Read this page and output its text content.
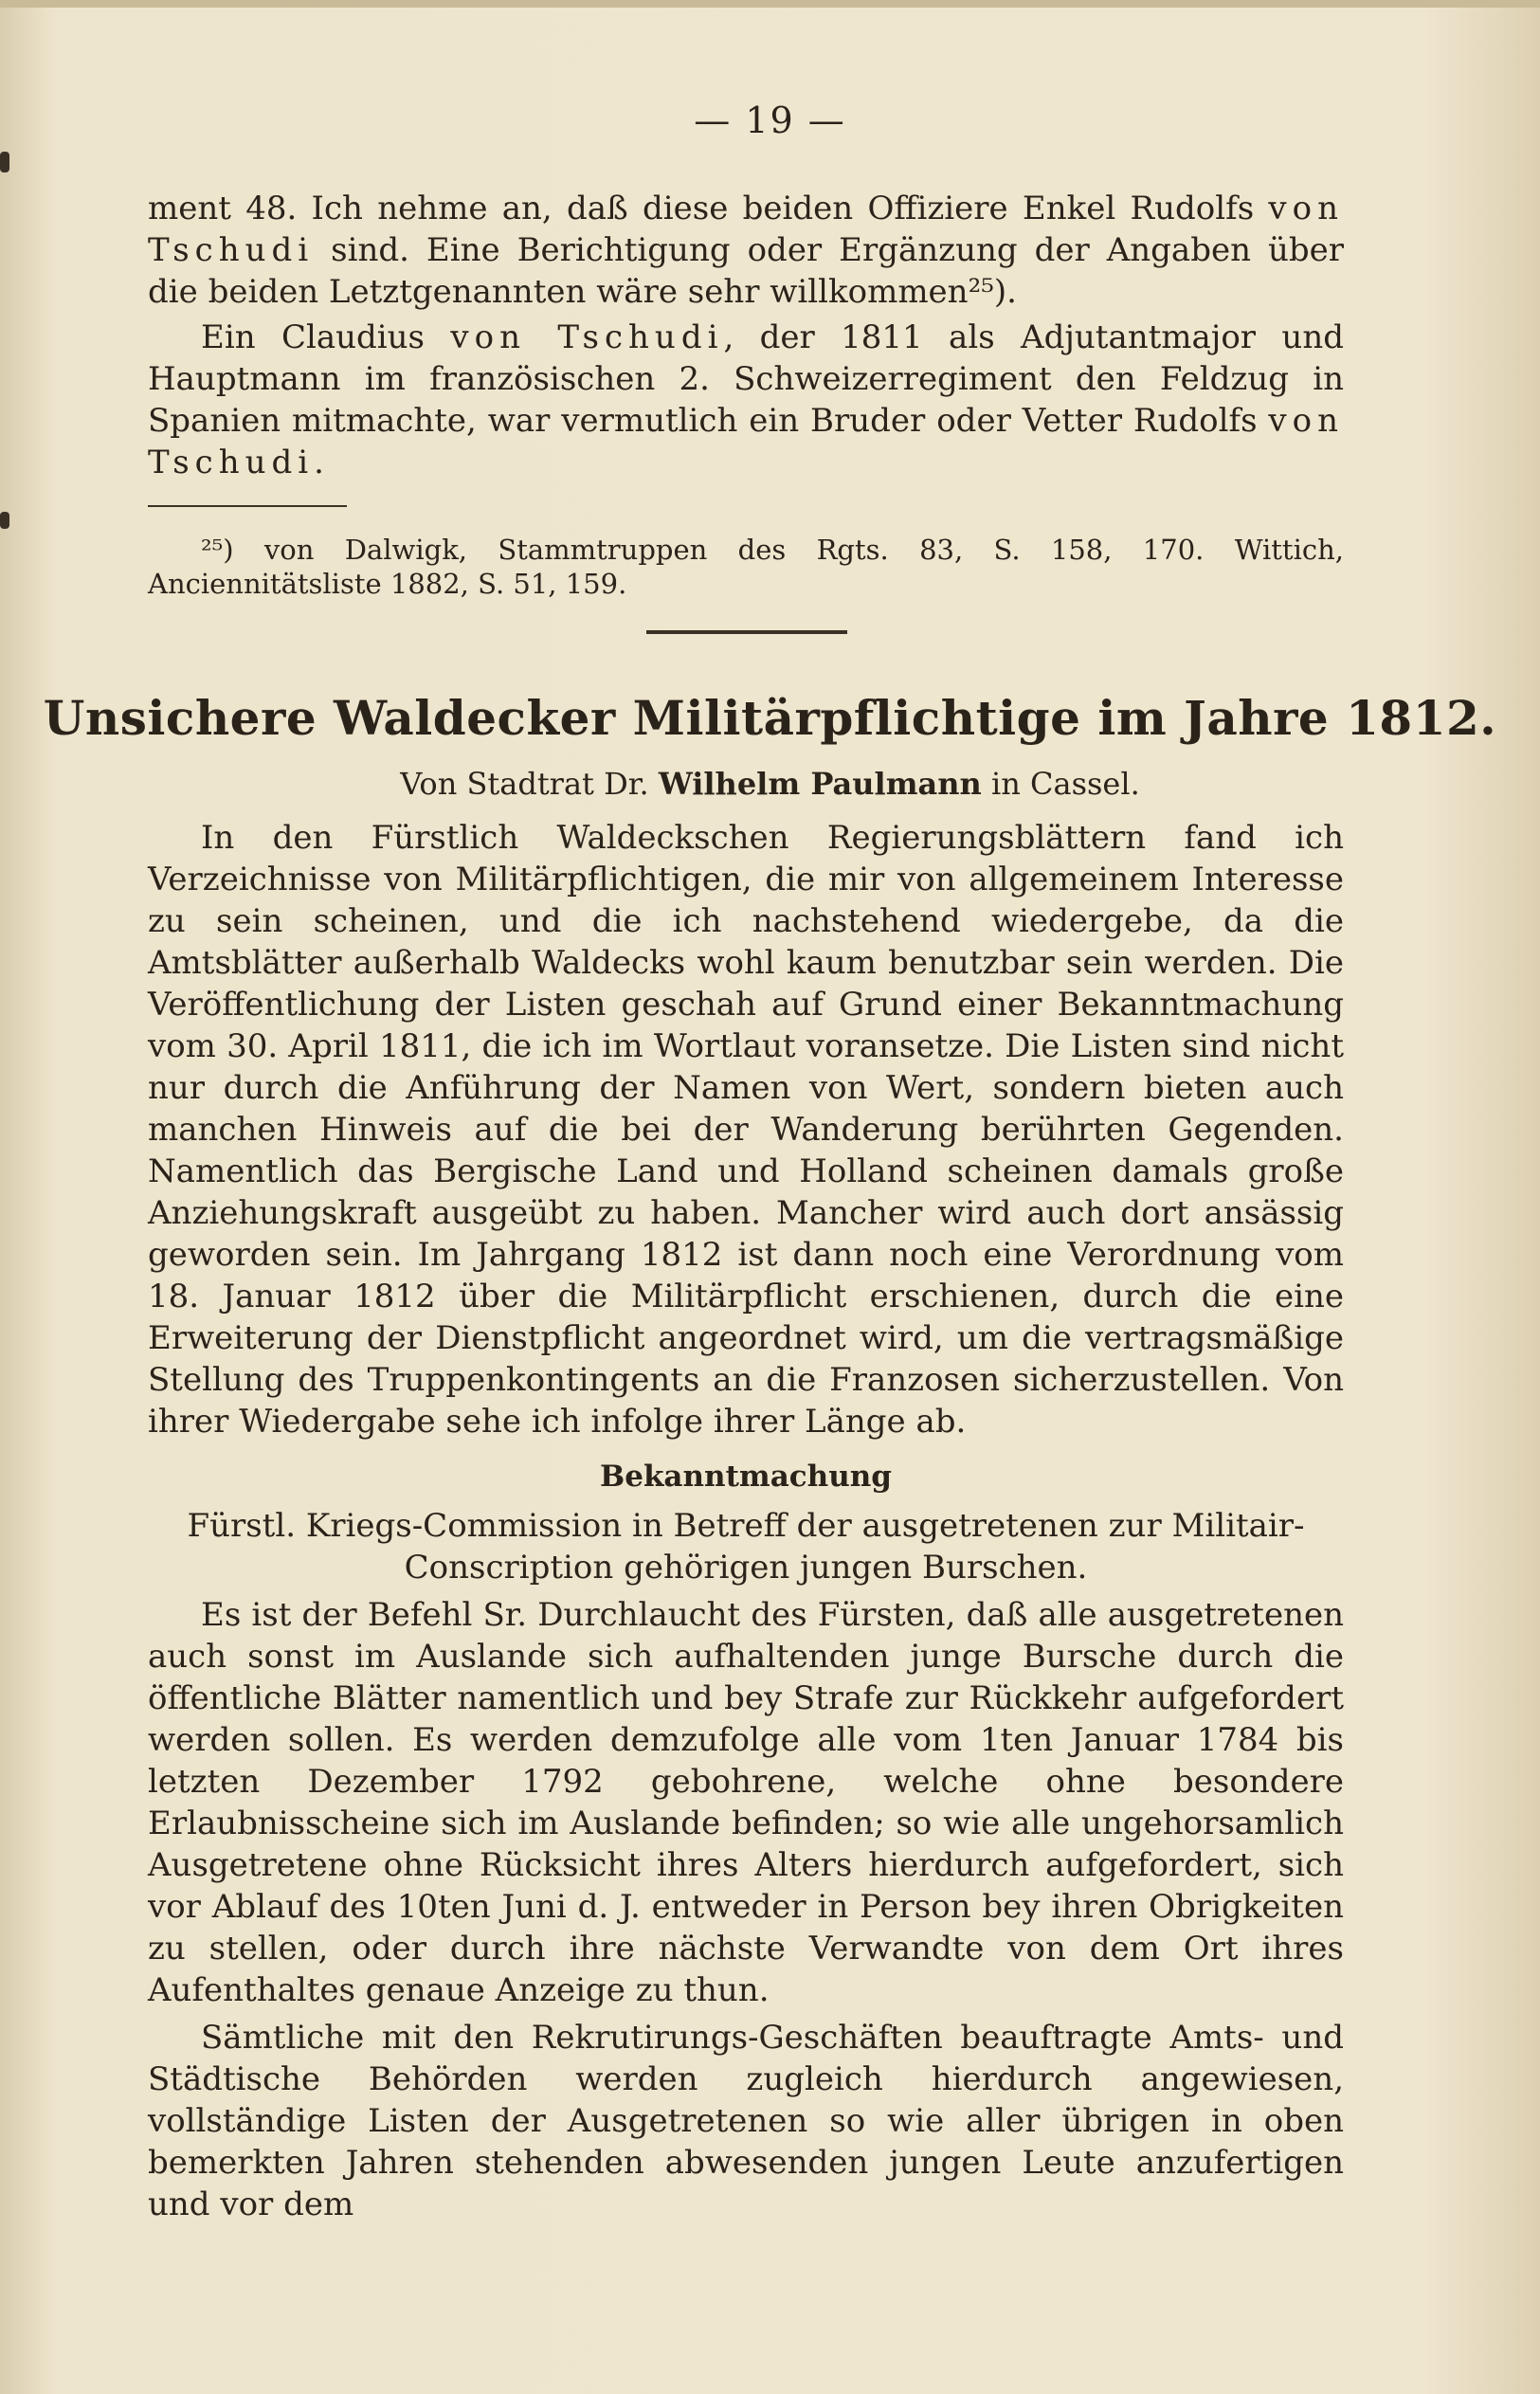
— 19 —

ment 48. Ich nehme an, daß diese beiden Offiziere Enkel Rudolfs von Tschudi sind. Eine Berichtigung oder Ergänzung der Angaben über die beiden Letztgenannten wäre sehr willkommen²⁵).

Ein Claudius von Tschudi, der 1811 als Adjutantmajor und Hauptmann im französischen 2. Schweizerregiment den Feldzug in Spanien mitmachte, war vermutlich ein Bruder oder Vetter Rudolfs von Tschudi.

²⁵) von Dalwigk, Stammtruppen des Rgts. 83, S. 158, 170. Wittich, Anciennitätsliste 1882, S. 51, 159.

Unsichere Waldecker Militärpflichtige im Jahre 1812.
Von Stadtrat Dr. Wilhelm Paulmann in Cassel.

In den Fürstlich Waldeckschen Regierungsblättern fand ich Verzeichnisse von Militärpflichtigen, die mir von allgemeinem Interesse zu sein scheinen, und die ich nachstehend wiedergebe, da die Amtsblätter außerhalb Waldecks wohl kaum benutzbar sein werden. Die Veröffentlichung der Listen geschah auf Grund einer Bekanntmachung vom 30. April 1811, die ich im Wortlaut voransetze. Die Listen sind nicht nur durch die Anführung der Namen von Wert, sondern bieten auch manchen Hinweis auf die bei der Wanderung berührten Gegenden. Namentlich das Bergische Land und Holland scheinen damals große Anziehungskraft ausgeübt zu haben. Mancher wird auch dort ansässig geworden sein. Im Jahrgang 1812 ist dann noch eine Verordnung vom 18. Januar 1812 über die Militärpflicht erschienen, durch die eine Erweiterung der Dienstpflicht angeordnet wird, um die vertragsmäßige Stellung des Truppenkontingents an die Franzosen sicherzustellen. Von ihrer Wiedergabe sehe ich infolge ihrer Länge ab.

Bekanntmachung

Fürstl. Kriegs-Commission in Betreff der ausgetretenen zur Militair-

Conscription gehörigen jungen Burschen.

Es ist der Befehl Sr. Durchlaucht des Fürsten, daß alle ausgetretenen auch sonst im Auslande sich aufhaltenden junge Bursche durch die öffentliche Blätter namentlich und bey Strafe zur Rückkehr aufgefordert werden sollen. Es werden demzufolge alle vom 1ten Januar 1784 bis letzten Dezember 1792 gebohrene, welche ohne besondere Erlaubnisscheine sich im Auslande befinden; so wie alle ungehorsamlich Ausgetretene ohne Rücksicht ihres Alters hierdurch aufgefordert, sich vor Ablauf des 10ten Juni d. J. entweder in Person bey ihren Obrigkeiten zu stellen, oder durch ihre nächste Verwandte von dem Ort ihres Aufenthaltes genaue Anzeige zu thun.

Sämtliche mit den Rekrutirungs-Geschäften beauftragte Amts- und Städtische Behörden werden zugleich hierdurch angewiesen, vollständige Listen der Ausgetretenen so wie aller übrigen in oben bemerkten Jahren stehenden abwesenden jungen Leute anzufertigen und vor dem
